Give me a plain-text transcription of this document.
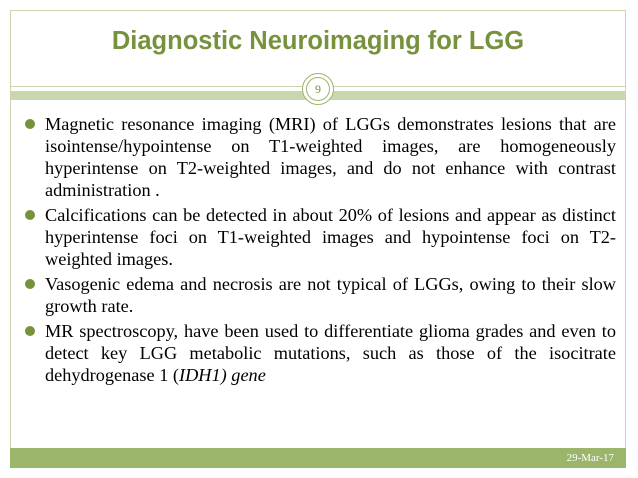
Diagnostic Neuroimaging for LGG
9
Magnetic resonance imaging (MRI) of LGGs demonstrates lesions that are isointense/hypointense on T1-weighted images, are homogeneously hyperintense on T2-weighted images, and do not enhance with contrast administration .
Calcifications can be detected in about 20% of lesions and appear as distinct hyperintense foci on T1-weighted images and hypointense foci on T2-weighted images.
Vasogenic edema and necrosis are not typical of LGGs, owing to their slow growth rate.
MR spectroscopy, have been used to differentiate glioma grades and even to detect key LGG metabolic mutations, such as those of the isocitrate dehydrogenase 1 (IDH1) gene
29-Mar-17
